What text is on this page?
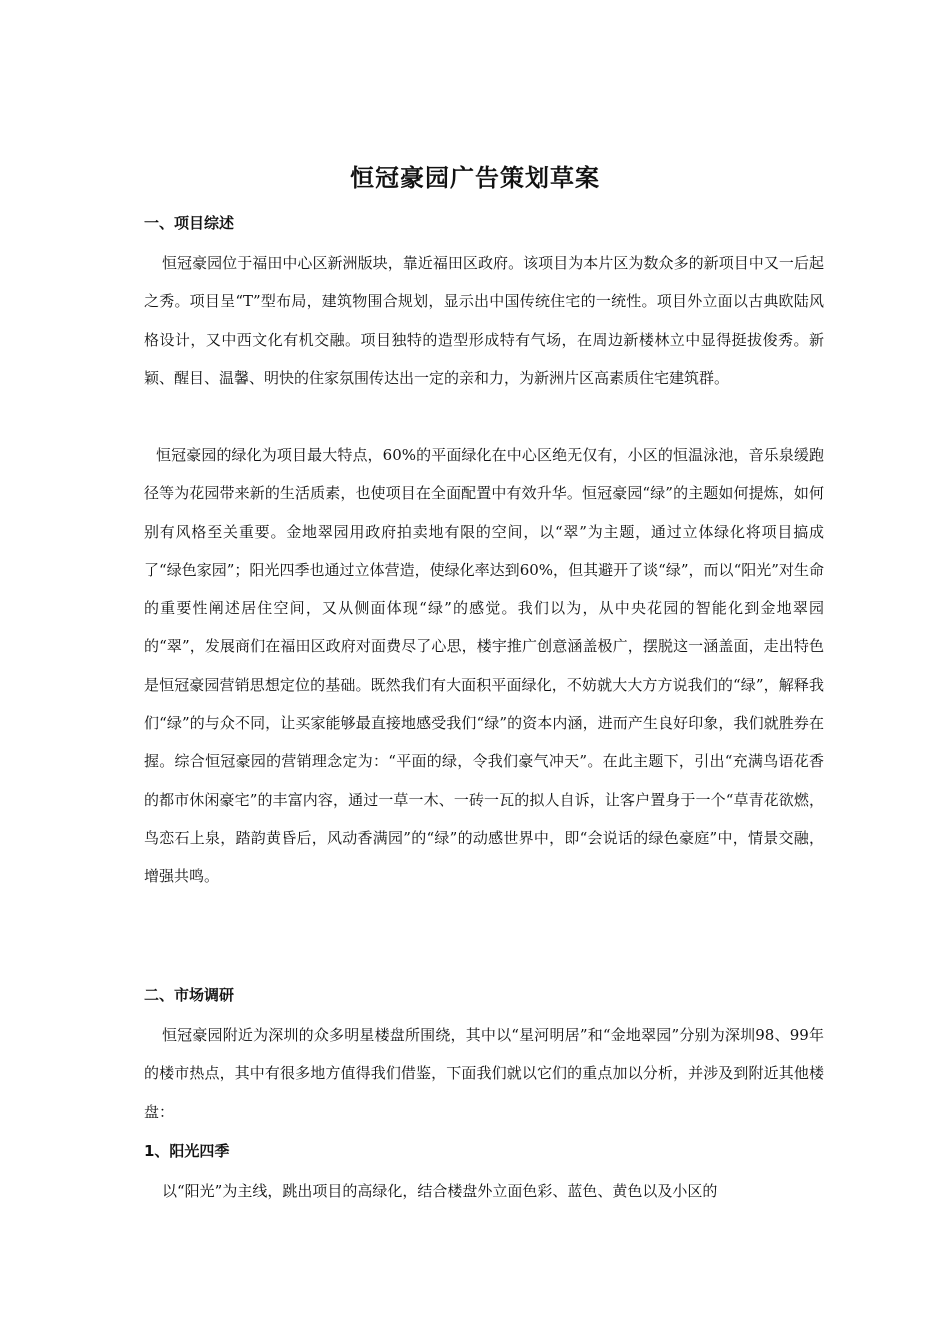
恒冠豪园广告策划草案
一、项目综述
恒冠豪园位于福田中心区新洲版块，靠近福田区政府。该项目为本片区为数众多的新项目中又一后起之秀。项目呈“T”型布局，建筑物围合规划，显示出中国传统住宅的一统性。项目外立面以古典欧陆风格设计，又中西文化有机交融。项目独特的造型形成特有气场，在周边新楼林立中显得挺拔俊秀。新颖、醒目、温馨、明快的住家氛围传达出一定的亲和力，为新洲片区高素质住宅建筑群。
恒冠豪园的绿化为项目最大特点，60%的平面绿化在中心区绝无仅有，小区的恒温泳池，音乐泉缓跑径等为花园带来新的生活质素，也使项目在全面配置中有效升华。恒冠豪园“绿”的主题如何提炼，如何别有风格至关重要。金地翠园用政府拍卖地有限的空间，以“翠”为主题，通过立体绿化将项目搞成了“绿色家园”；阳光四季也通过立体营造，使绿化率达到60%，但其避开了谈“绿”，而以“阳光”对生命的重要性阐述居住空间，又从侧面体现“绿”的感觉。我们以为，从中央花园的智能化到金地翠园的“翠”，发展商们在福田区政府对面费尽了心思，楼宇推广创意涵盖极广，摆脱这一涵盖面，走出特色是恒冠豪园营销思想定位的基础。既然我们有大面积平面绿化，不妨就大大方方说我们的“绿”，解释我们“绿”的与众不同，让买家能够最直接地感受我们“绿”的资本内涵，进而产生良好印象，我们就胜券在握。综合恒冠豪园的营销理念定为：“平面的绿，令我们豪气冲天”。在此主题下，引出“充满鸟语花香的都市休闲豪宅”的丰富内容，通过一草一木、一砖一瓦的拟人自诉，让客户置身于一个“草青花欲燃，鸟恋石上泉，踏韵黄昏后，风动香满园”的“绿”的动感世界中，即“会说话的绿色豪庭”中，情景交融，增强共鸣。
二、市场调研
恒冠豪园附近为深圳的众多明星楼盘所围绕，其中以“星河明居”和“金地翠园”分别为深圳98、99年的楼市热点，其中有很多地方值得我们借鉴，下面我们就以它们的重点加以分析，并涉及到附近其他楼盘：
1、阳光四季
以“阳光”为主线，跳出项目的高绿化，结合楼盘外立面色彩、蓝色、黄色以及小区的
